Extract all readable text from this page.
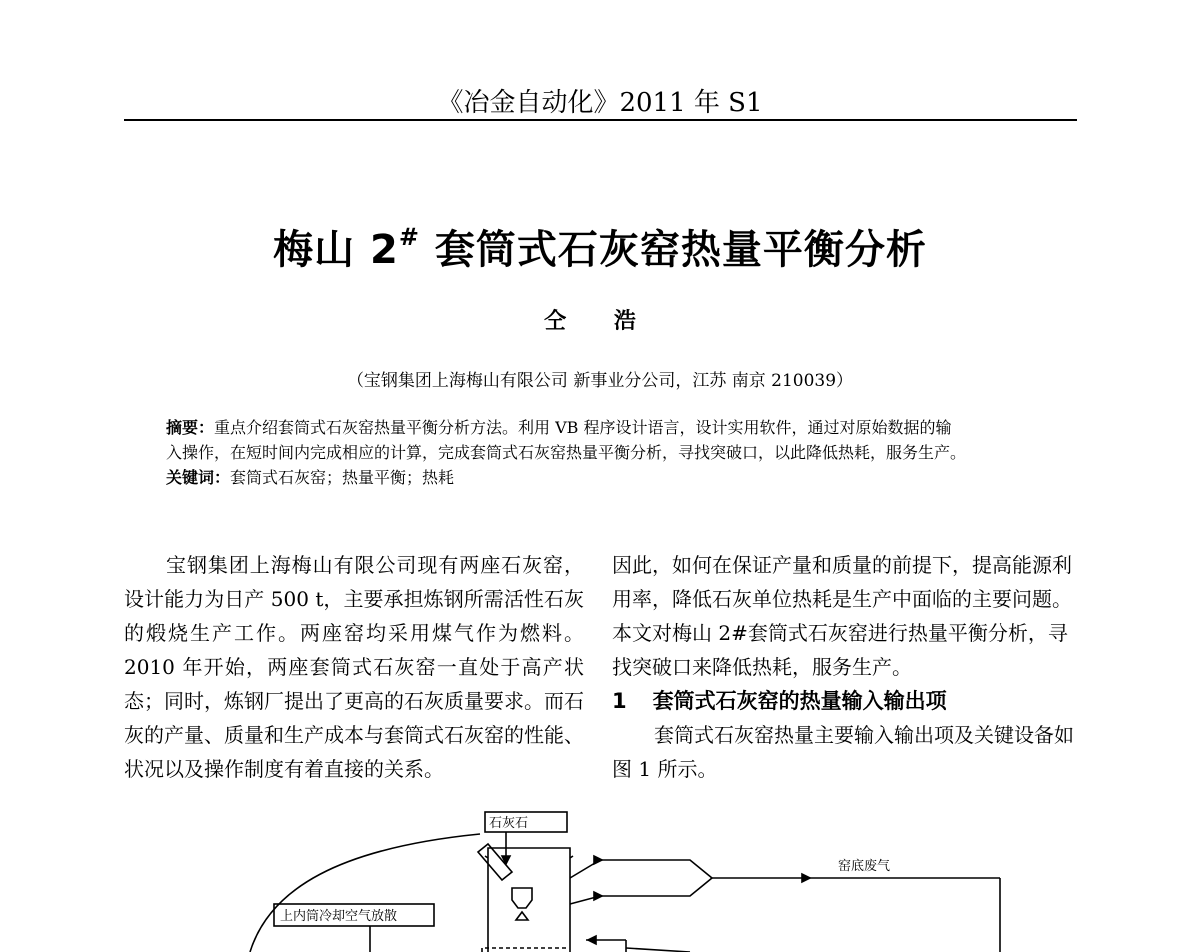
《冶金自动化》2011 年 S1
梅山 2# 套筒式石灰窑热量平衡分析
仝 浩
（宝钢集团上海梅山有限公司 新事业分公司，江苏 南京 210039）

摘要：重点介绍套筒式石灰窑热量平衡分析方法。利用 VB 程序设计语言，设计实用软件，通过对原始数据的输

入操作，在短时间内完成相应的计算，完成套筒式石灰窑热量平衡分析，寻找突破口，以此降低热耗，服务生产。

关键词：套筒式石灰窑；热量平衡；热耗

宝钢集团上海梅山有限公司现有两座石灰窑，设计能力为日产 500 t，主要承担炼钢所需活性石灰的煅烧生产工作。两座窑均采用煤气作为燃料。2010 年开始，两座套筒式石灰窑一直处于高产状态；同时，炼钢厂提出了更高的石灰质量要求。而石灰的产量、质量和生产成本与套筒式石灰窑的性能、状况以及操作制度有着直接的关系。

因此，如何在保证产量和质量的前提下，提高能源利用率，降低石灰单位热耗是生产中面临的主要问题。本文对梅山 2#套筒式石灰窑进行热量平衡分析，寻找突破口来降低热耗，服务生产。

1 套筒式石灰窑的热量输入输出项

套筒式石灰窑热量主要输入输出项及关键设备如图 1 所示。

石灰石
窑底废气
上内筒冷却空气放散
